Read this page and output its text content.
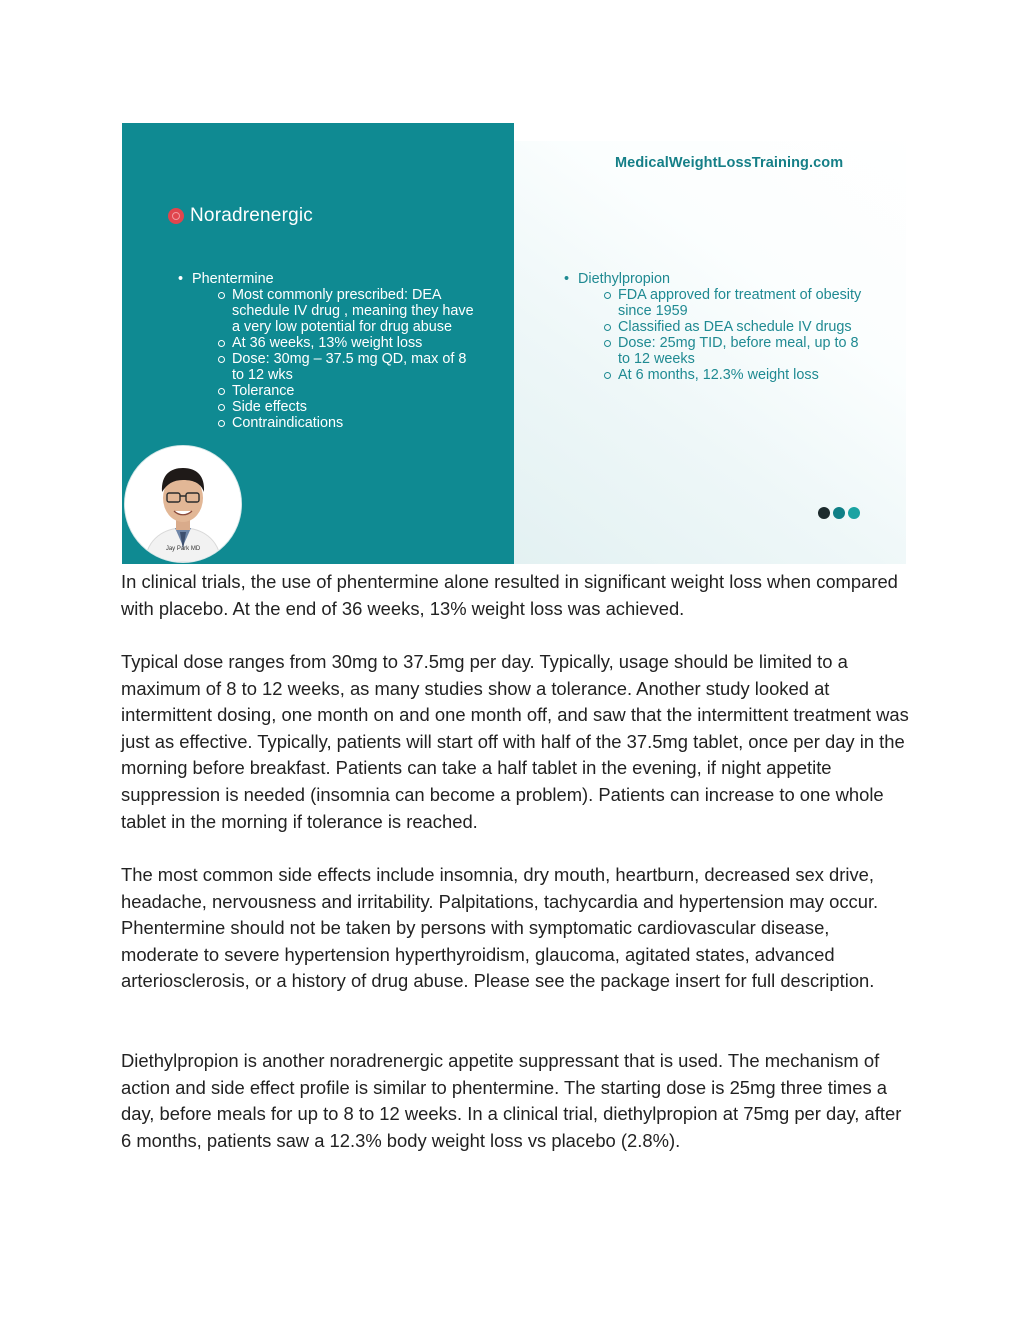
Noradrenergic
• Phentermine
Most commonly prescribed: DEA schedule IV drug , meaning they have a very low potential for drug abuse
At 36 weeks, 13% weight loss
Dose: 30mg – 37.5 mg QD, max of 8 to 12 wks
Tolerance
Side effects
Contraindications
Jay Park MD
MedicalWeightLossTraining.com
• Diethylpropion
FDA approved for treatment of obesity since 1959
Classified as DEA schedule IV drugs
Dose: 25mg TID, before meal, up to 8 to 12 weeks
At 6 months, 12.3% weight loss

In clinical trials, the use of phentermine alone resulted in significant weight loss when compared with placebo. At the end of 36 weeks, 13% weight loss was achieved.

Typical dose ranges from 30mg to 37.5mg per day. Typically, usage should be limited to a maximum of 8 to 12 weeks, as many studies show a tolerance. Another study looked at intermittent dosing, one month on and one month off, and saw that the intermittent treatment was just as effective. Typically, patients will start off with half of the 37.5mg tablet, once per day in the morning before breakfast. Patients can take a half tablet in the evening, if night appetite suppression is needed (insomnia can become a problem). Patients can increase to one whole tablet in the morning if tolerance is reached.

The most common side effects include insomnia, dry mouth, heartburn, decreased sex drive, headache, nervousness and irritability. Palpitations, tachycardia and hypertension may occur. Phentermine should not be taken by persons with symptomatic cardiovascular disease, moderate to severe hypertension hyperthyroidism, glaucoma, agitated states, advanced arteriosclerosis, or a history of drug abuse. Please see the package insert for full description.

Diethylpropion is another noradrenergic appetite suppressant that is used. The mechanism of action and side effect profile is similar to phentermine. The starting dose is 25mg three times a day, before meals for up to 8 to 12 weeks. In a clinical trial, diethylpropion at 75mg per day, after 6 months, patients saw a 12.3% body weight loss vs placebo (2.8%).
